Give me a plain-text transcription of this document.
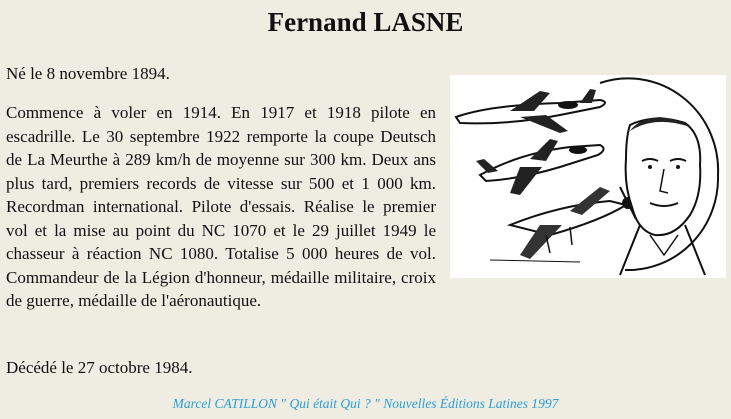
Fernand LASNE
Né le 8 novembre 1894.
Commence à voler en 1914. En 1917 et 1918 pilote en escadrille. Le 30 septembre 1922 remporte la coupe Deutsch de La Meurthe à 289 km/h de moyenne sur 300 km. Deux ans plus tard, premiers records de vitesse sur 500 et 1 000 km. Recordman international. Pilote d'essais. Réalise le premier vol et la mise au point du NC 1070 et le 29 juillet 1949 le chasseur à réaction NC 1080. Totalise 5 000 heures de vol. Commandeur de la Légion d'honneur, médaille militaire, croix de guerre, médaille de l'aéronautique.
Décédé le 27 octobre 1984.
Marcel CATILLON " Qui était Qui ? " Nouvelles Éditions Latines 1997
